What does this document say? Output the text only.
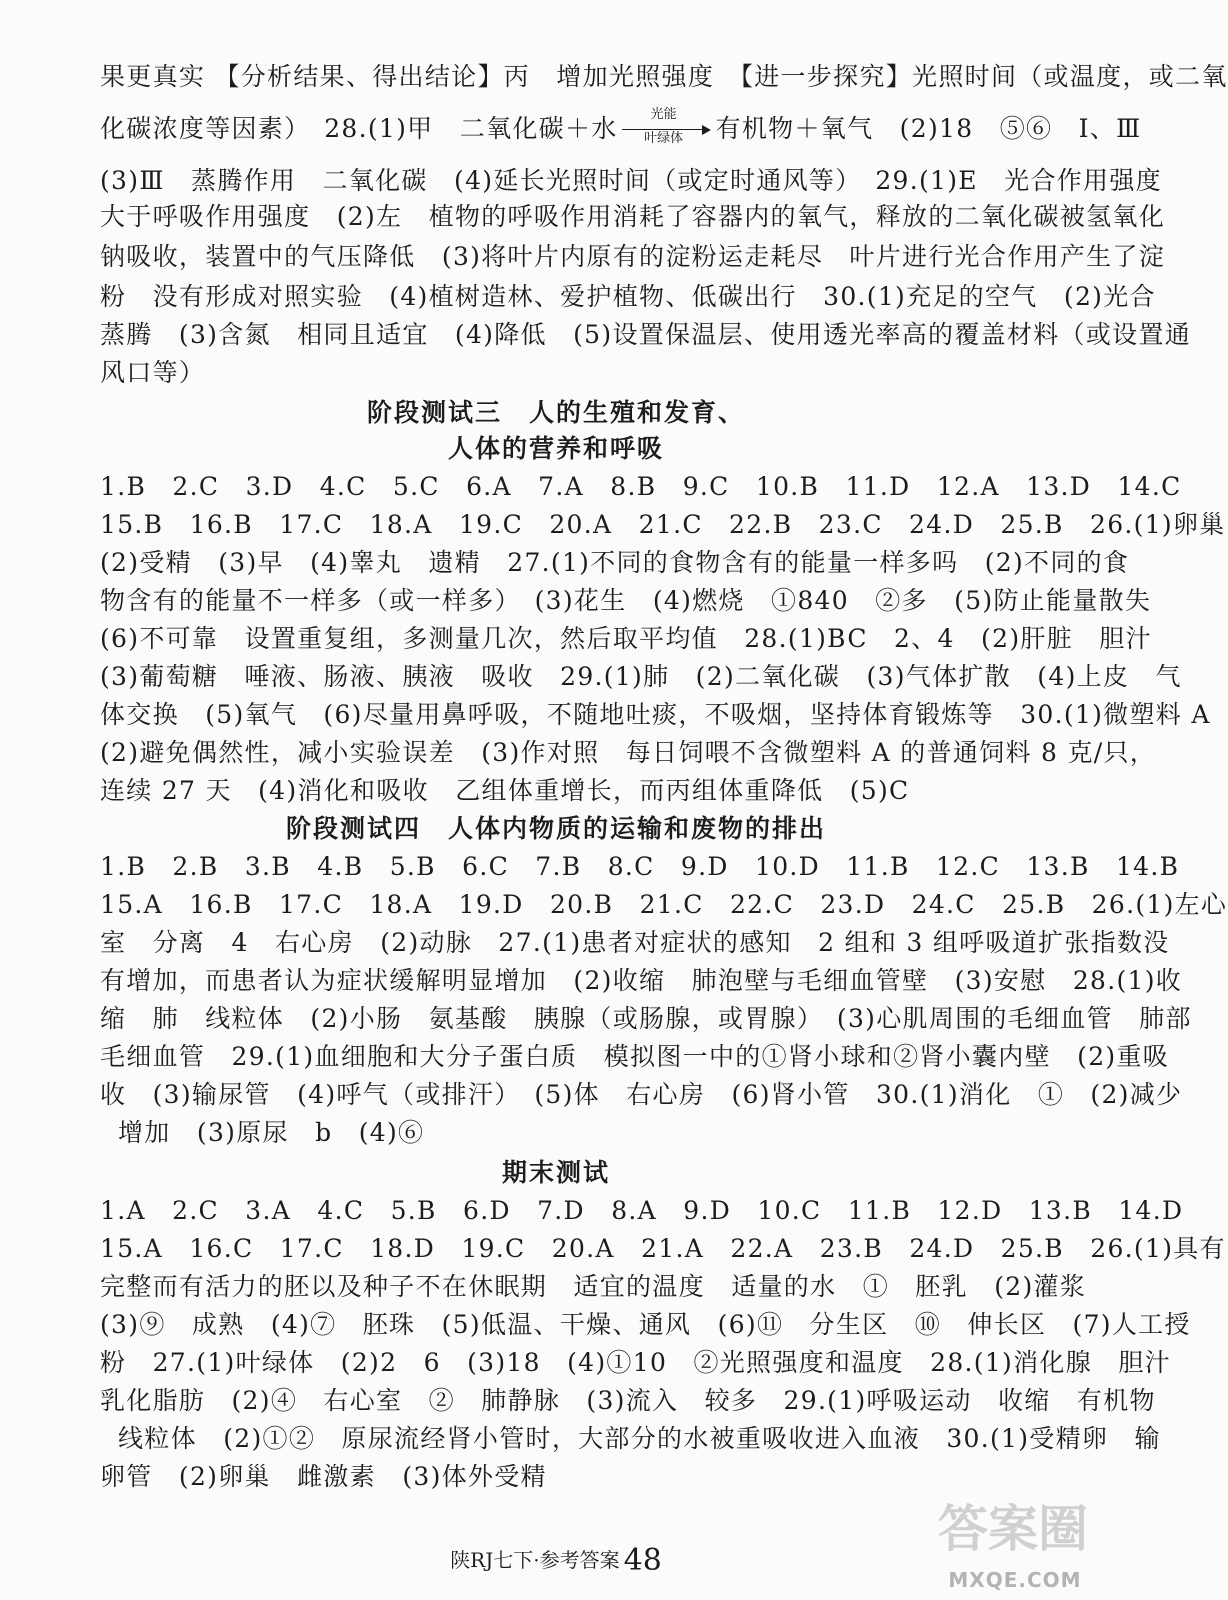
果更真实 【分析结果、得出结论】丙　增加光照强度　【进一步探究】光照时间（或温度，或二氧
化碳浓度等因素）　28.(1)甲　二氧化碳＋水	光能
叶绿体	有机物＋氧气　(2)18　⑤⑥　Ⅰ、Ⅲ
(3)Ⅲ　蒸腾作用　二氧化碳　(4)延长光照时间（或定时通风等）　29.(1)E　光合作用强度
大于呼吸作用强度　(2)左　植物的呼吸作用消耗了容器内的氧气，释放的二氧化碳被氢氧化
钠吸收，装置中的气压降低　(3)将叶片内原有的淀粉运走耗尽　叶片进行光合作用产生了淀
粉　没有形成对照实验　(4)植树造林、爱护植物、低碳出行　30.(1)充足的空气　(2)光合
蒸腾　(3)含氮　相同且适宜　(4)降低　(5)设置保温层、使用透光率高的覆盖材料（或设置通
风口等）
阶段测试三　人的生殖和发育、
人体的营养和呼吸
1.B　2.C　3.D　4.C　5.C　6.A　7.A　8.B　9.C　10.B　11.D　12.A　13.D　14.C
15.B　16.B　17.C　18.A　19.C　20.A　21.C　22.B　23.C　24.D　25.B　26.(1)卵巢
(2)受精　(3)早　(4)睾丸　遗精　27.(1)不同的食物含有的能量一样多吗　(2)不同的食
物含有的能量不一样多（或一样多）　(3)花生　(4)燃烧　①840　②多　(5)防止能量散失
(6)不可靠　设置重复组，多测量几次，然后取平均值　28.(1)BC　2、4　(2)肝脏　胆汁
(3)葡萄糖　唾液、肠液、胰液　吸收　29.(1)肺　(2)二氧化碳　(3)气体扩散　(4)上皮　气
体交换　(5)氧气　(6)尽量用鼻呼吸，不随地吐痰，不吸烟，坚持体育锻炼等　30.(1)微塑料 A
(2)避免偶然性，减小实验误差　(3)作对照　每日饲喂不含微塑料 A 的普通饲料 8 克/只，
连续 27 天　(4)消化和吸收　乙组体重增长，而丙组体重降低　(5)C
阶段测试四　人体内物质的运输和废物的排出
1.B　2.B　3.B　4.B　5.B　6.C　7.B　8.C　9.D　10.D　11.B　12.C　13.B　14.B
15.A　16.B　17.C　18.A　19.D　20.B　21.C　22.C　23.D　24.C　25.B　26.(1)左心
室　分离　4　右心房　(2)动脉　27.(1)患者对症状的感知　2 组和 3 组呼吸道扩张指数没
有增加，而患者认为症状缓解明显增加　(2)收缩　肺泡壁与毛细血管壁　(3)安慰　28.(1)收
缩　肺　线粒体　(2)小肠　氨基酸　胰腺（或肠腺，或胃腺）　(3)心肌周围的毛细血管　肺部
毛细血管　29.(1)血细胞和大分子蛋白质　模拟图一中的①肾小球和②肾小囊内壁　(2)重吸
收　(3)输尿管　(4)呼气（或排汗）　(5)体　右心房　(6)肾小管　30.(1)消化　①　(2)减少
增加　(3)原尿　b　(4)⑥
期末测试
1.A　2.C　3.A　4.C　5.B　6.D　7.D　8.A　9.D　10.C　11.B　12.D　13.B　14.D
15.A　16.C　17.C　18.D　19.C　20.A　21.A　22.A　23.B　24.D　25.B　26.(1)具有
完整而有活力的胚以及种子不在休眠期　适宜的温度　适量的水　①　胚乳　(2)灌浆
(3)⑨　成熟　(4)⑦　胚珠　(5)低温、干燥、通风　(6)⑪　分生区　⑩　伸长区　(7)人工授
粉　27.(1)叶绿体　(2)2　6　(3)18　(4)①10　②光照强度和温度　28.(1)消化腺　胆汁
乳化脂肪　(2)④　右心室　②　肺静脉　(3)流入　较多　29.(1)呼吸运动　收缩　有机物
线粒体　(2)①②　原尿流经肾小管时，大部分的水被重吸收进入血液　30.(1)受精卵　输
卵管　(2)卵巢　雌激素　(3)体外受精
陕RJ七下·参考答案 48
答案圈
MXQE.COM
